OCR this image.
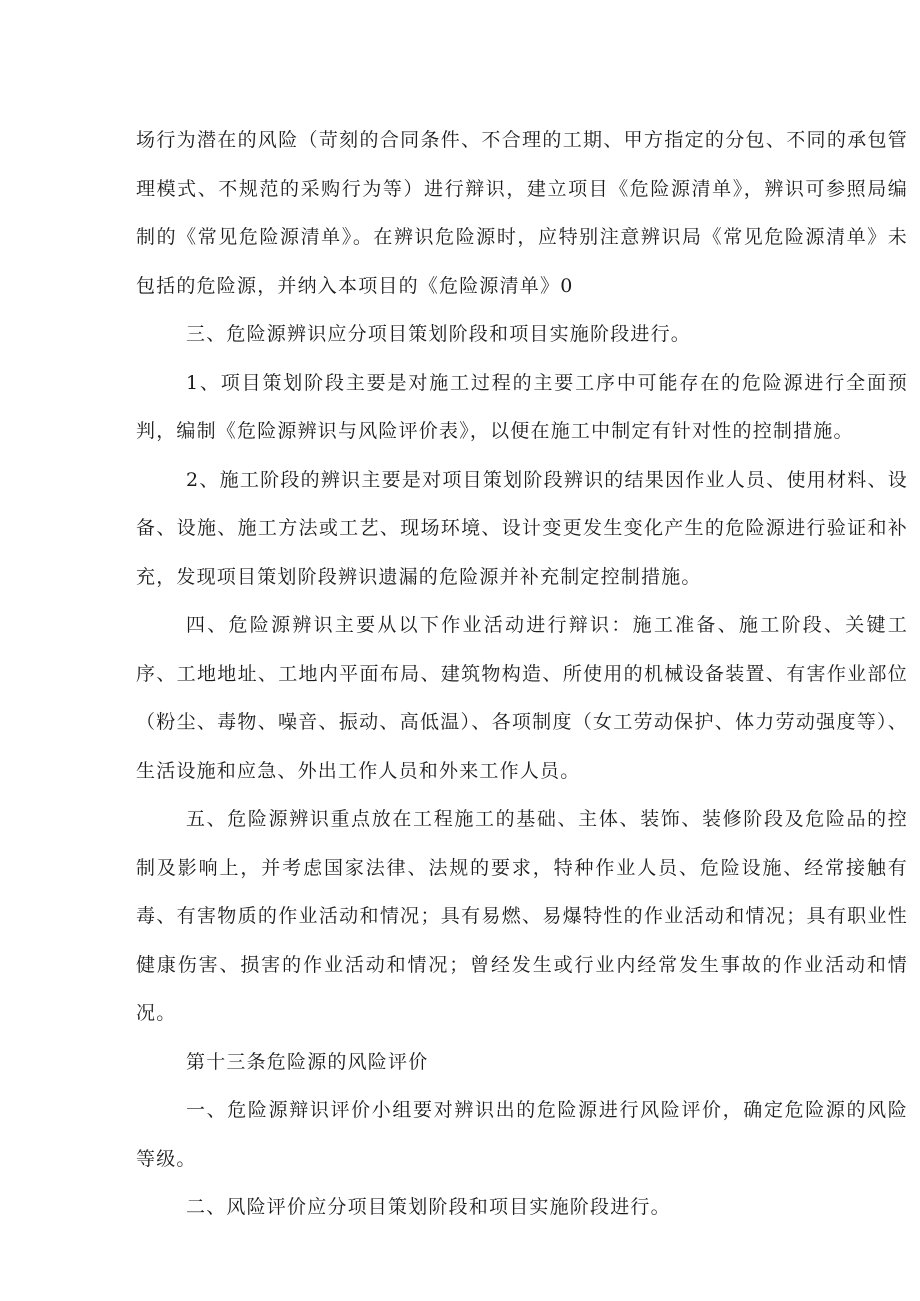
场行为潜在的风险（苛刻的合同条件、不合理的工期、甲方指定的分包、不同的承包管理模式、不规范的采购行为等）进行辩识，建立项目《危险源清单》，辨识可参照局编制的《常见危险源清单》。在辨识危险源时，应特别注意辨识局《常见危险源清单》未包括的危险源，并纳入本项目的《危险源清单》0

三、危险源辨识应分项目策划阶段和项目实施阶段进行。

1、项目策划阶段主要是对施工过程的主要工序中可能存在的危险源进行全面预判，编制《危险源辨识与风险评价表》，以便在施工中制定有针对性的控制措施。

2、施工阶段的辨识主要是对项目策划阶段辨识的结果因作业人员、使用材料、设备、设施、施工方法或工艺、现场环境、设计变更发生变化产生的危险源进行验证和补充，发现项目策划阶段辨识遗漏的危险源并补充制定控制措施。

四、危险源辨识主要从以下作业活动进行辩识：施工准备、施工阶段、关键工序、工地地址、工地内平面布局、建筑物构造、所使用的机械设备装置、有害作业部位（粉尘、毒物、噪音、振动、高低温）、各项制度（女工劳动保护、体力劳动强度等）、生活设施和应急、外出工作人员和外来工作人员。

五、危险源辨识重点放在工程施工的基础、主体、装饰、装修阶段及危险品的控制及影响上，并考虑国家法律、法规的要求，特种作业人员、危险设施、经常接触有毒、有害物质的作业活动和情况；具有易燃、易爆特性的作业活动和情况；具有职业性健康伤害、损害的作业活动和情况；曾经发生或行业内经常发生事故的作业活动和情况。

第十三条危险源的风险评价

一、危险源辩识评价小组要对辨识出的危险源进行风险评价，确定危险源的风险等级。

二、风险评价应分项目策划阶段和项目实施阶段进行。
